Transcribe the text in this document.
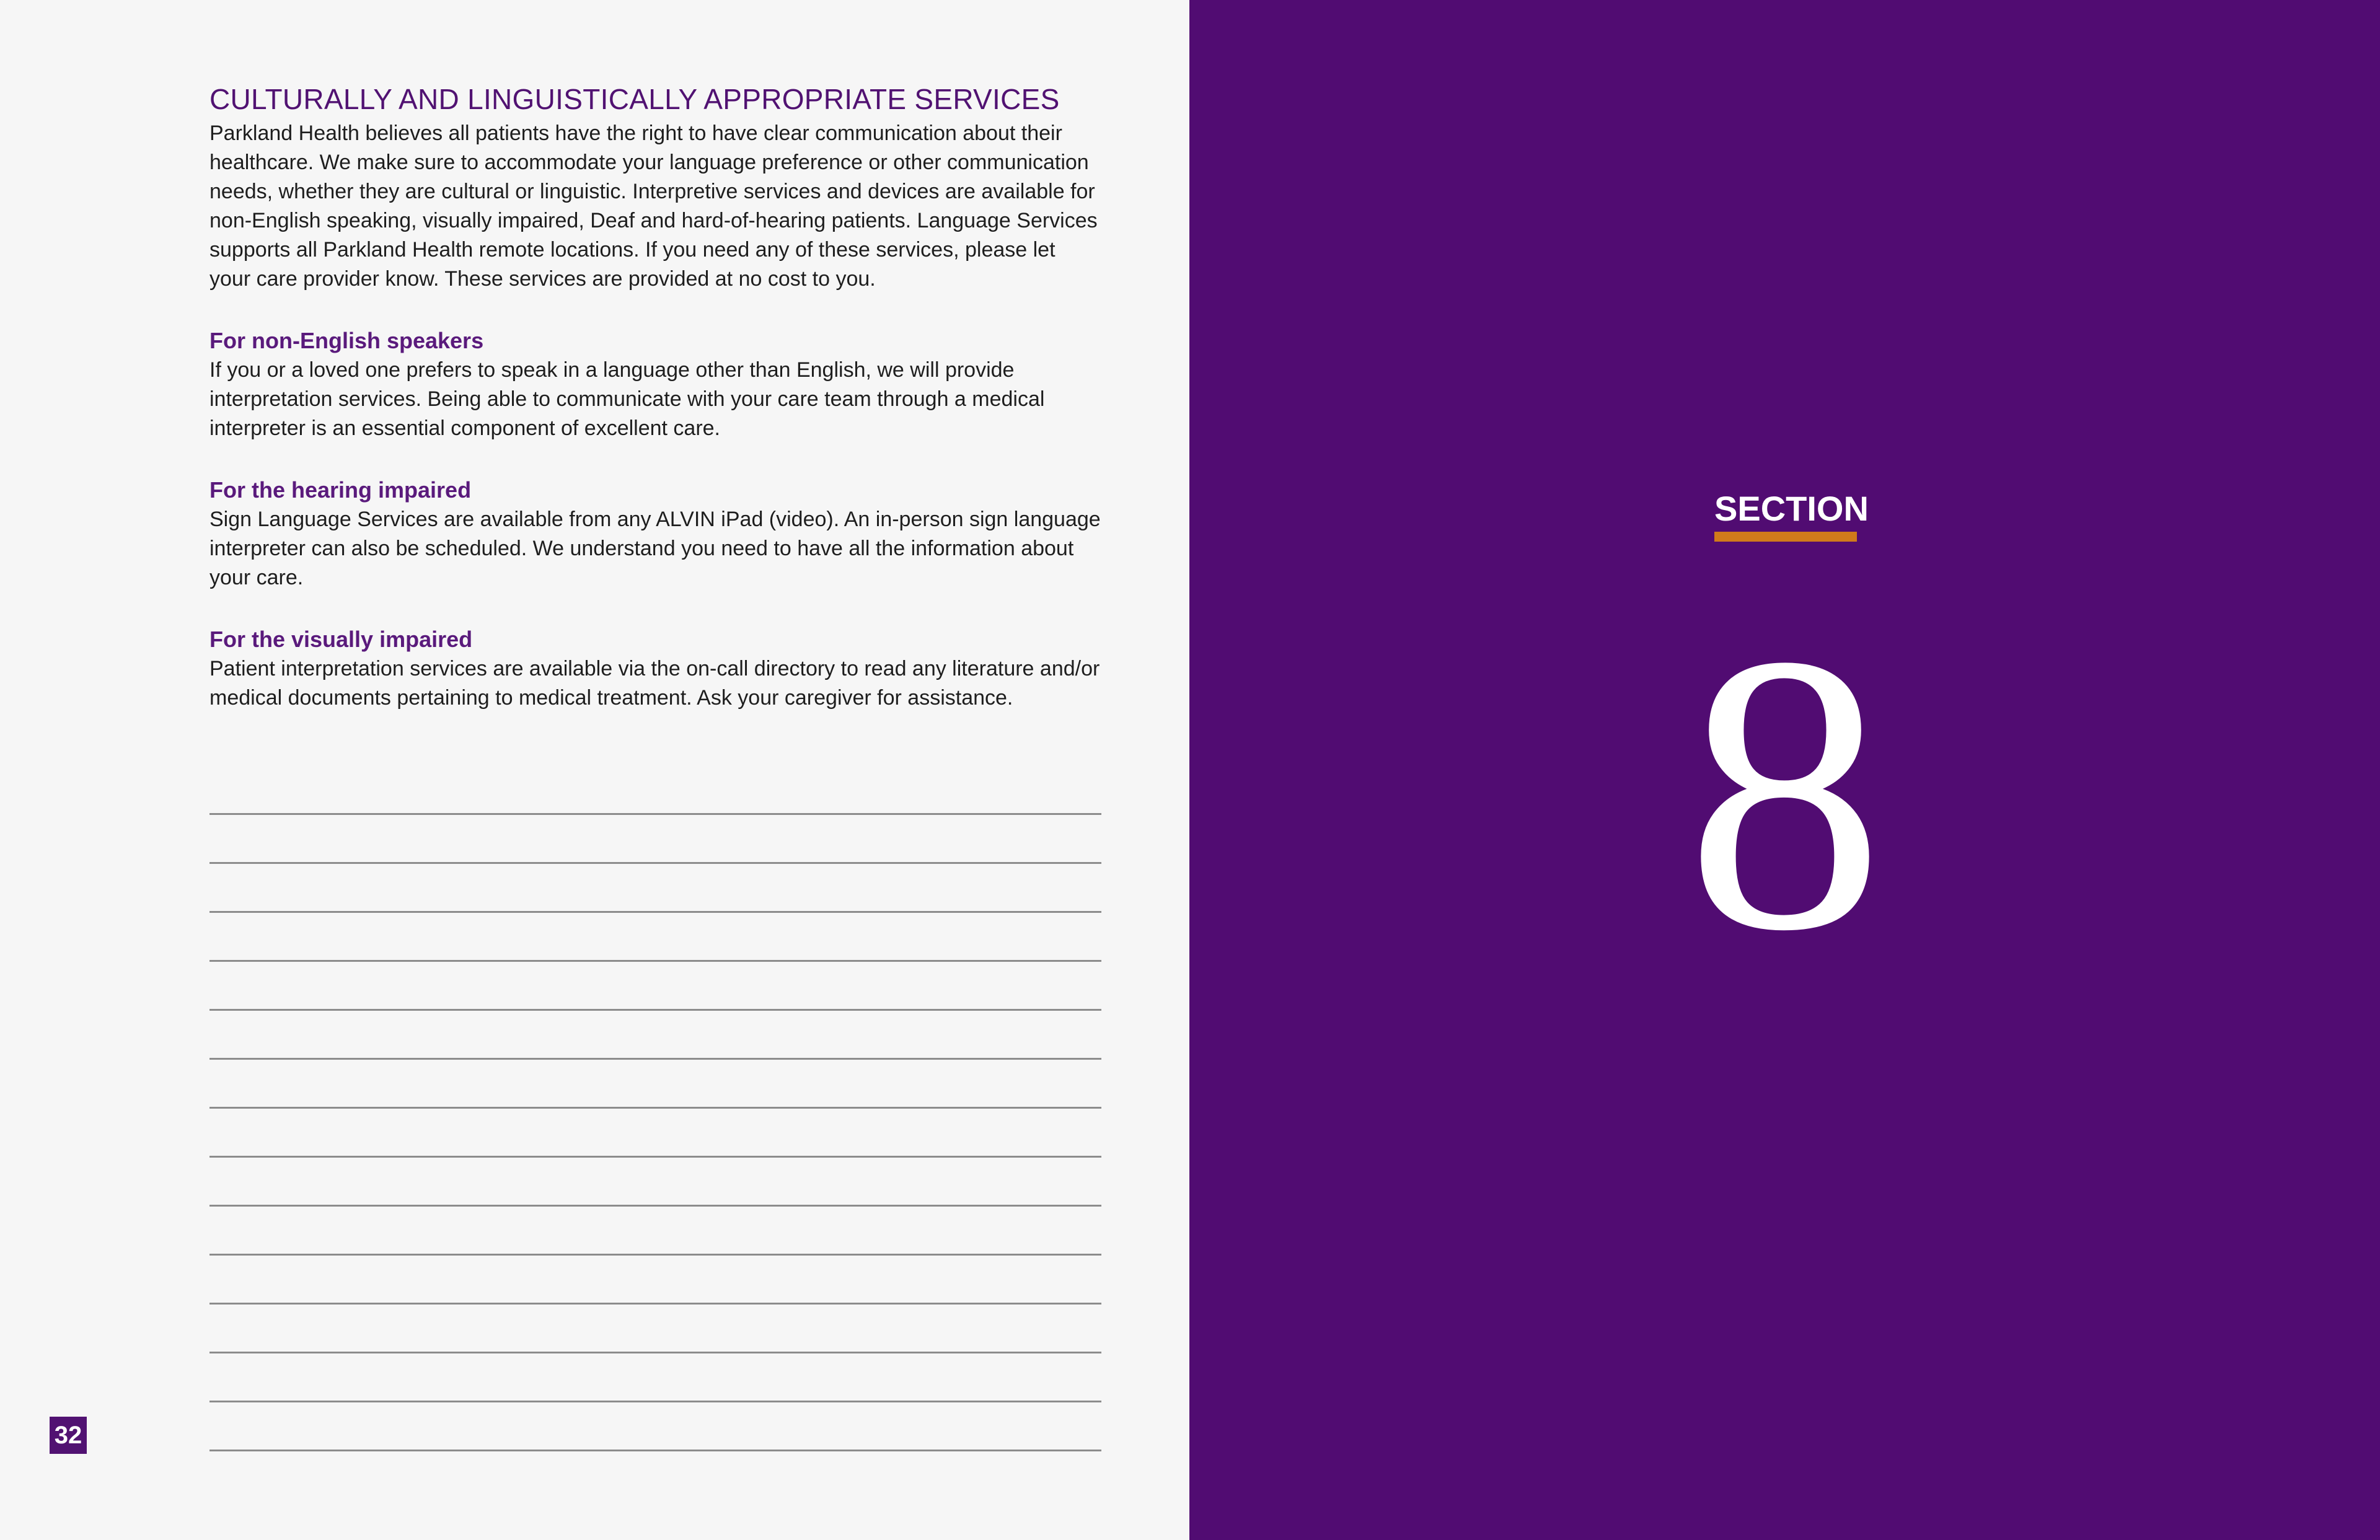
CULTURALLY AND LINGUISTICALLY APPROPRIATE SERVICES

Parkland Health believes all patients have the right to have clear communication about their healthcare. We make sure to accommodate your language preference or other communication needs, whether they are cultural or linguistic. Interpretive services and devices are available for non-English speaking, visually impaired, Deaf and hard-of-hearing patients. Language Services supports all Parkland Health remote locations. If you need any of these services, please let your care provider know. These services are provided at no cost to you.

For non-English speakers

If you or a loved one prefers to speak in a language other than English, we will provide interpretation services. Being able to communicate with your care team through a medical interpreter is an essential component of excellent care.

For the hearing impaired

Sign Language Services are available from any ALVIN iPad (video). An in-person sign language interpreter can also be scheduled. We understand you need to have all the information about your care.

For the visually impaired

Patient interpretation services are available via the on-call directory to read any literature and/or medical documents pertaining to medical treatment. Ask your caregiver for assistance.

32
SECTION
8
